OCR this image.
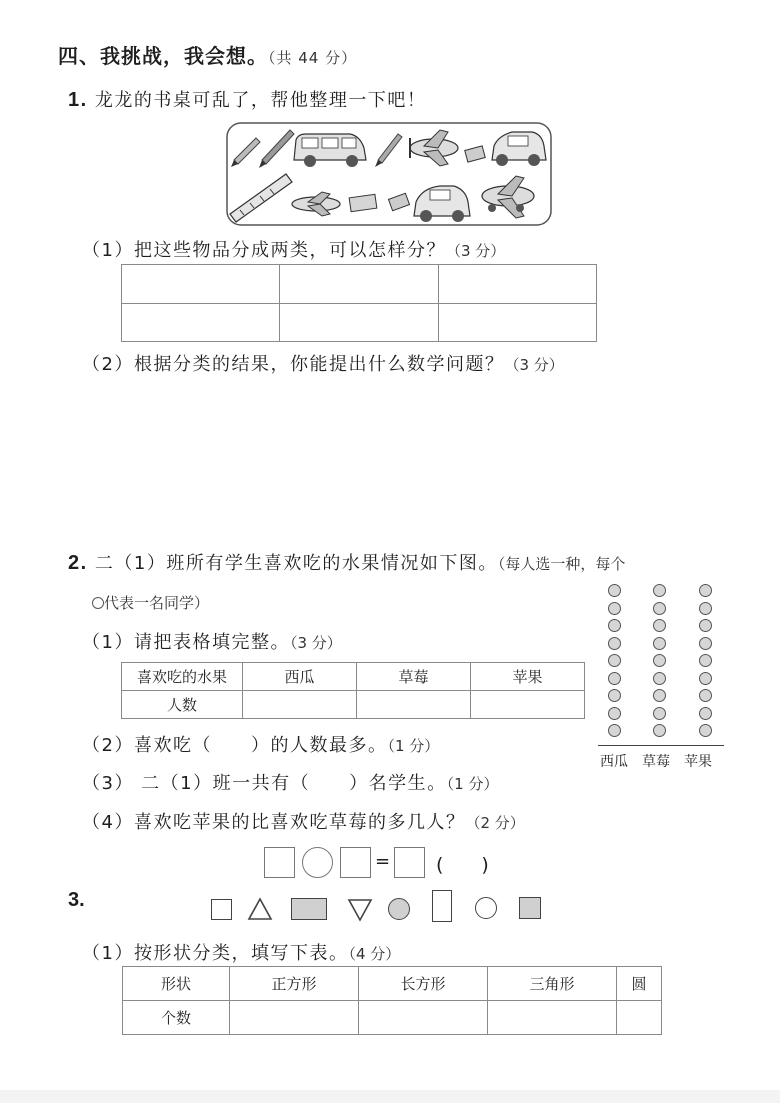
四、我挑战，我会想。（共 44 分）
1. 龙龙的书桌可乱了，帮他整理一下吧！
（1）把这些物品分成两类，可以怎样分？（3 分）

（2）根据分类的结果，你能提出什么数学问题？（3 分）
2. 二（1）班所有学生喜欢吃的水果情况如下图。（每人选一种，每个
代表一名同学）
（1）请把表格填完整。（3 分）
喜欢吃的水果	西瓜	草莓	苹果
人数			
西瓜 草莓 苹果
（2）喜欢吃（　　）的人数最多。（1 分）
（3） 二（1）班一共有（　　）名学生。（1 分）
（4）喜欢吃苹果的比喜欢吃草莓的多几人？（2 分）
= (　　)
3.
（1）按形状分类，填写下表。（4 分）
形状	正方形	长方形	三角形	圆
个数				
